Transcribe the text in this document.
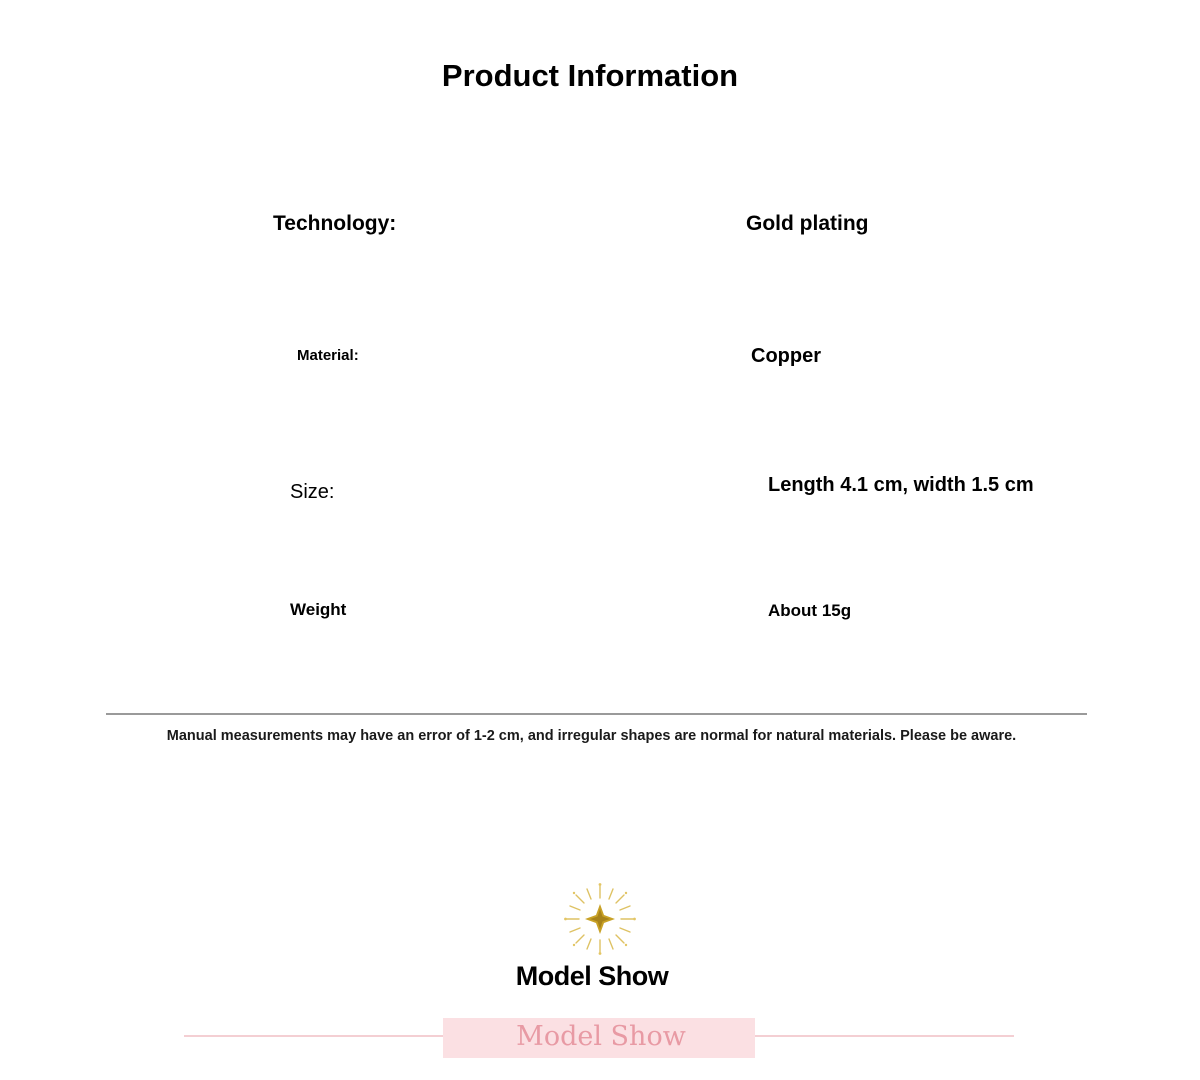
Product Information
Technology:	Gold plating
Material:	Copper
Size:	Length 4.1 cm, width 1.5 cm
Weight	About 15g
Manual measurements may have an error of 1-2 cm, and irregular shapes are normal for natural materials. Please be aware.
Model Show
Model Show
